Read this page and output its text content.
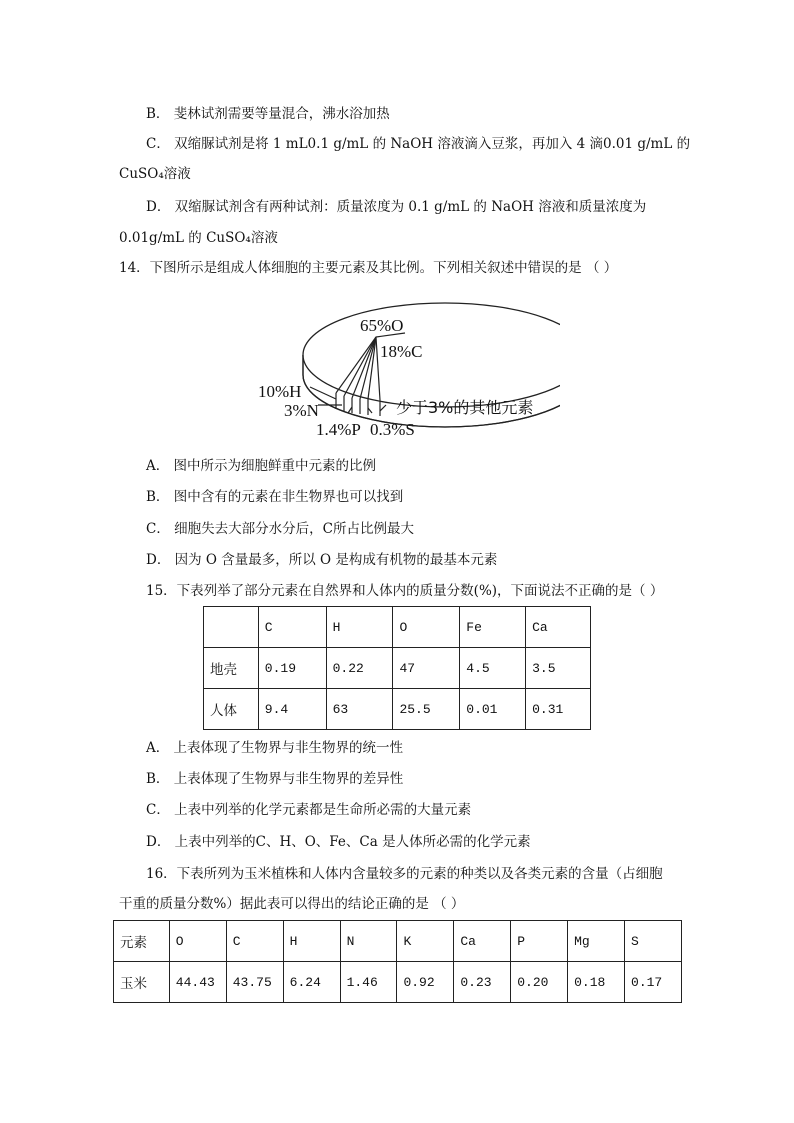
B． 斐林试剂需要等量混合，沸水浴加热
C． 双缩脲试剂是将 1 mL0.1 g/mL 的 NaOH 溶液滴入豆浆，再加入 4 滴0.01 g/mL 的
CuSO₄溶液
D． 双缩脲试剂含有两种试剂：质量浓度为 0.1 g/mL 的 NaOH 溶液和质量浓度为
0.01g/mL 的 CuSO₄溶液
14．下图所示是组成人体细胞的主要元素及其比例。下列相关叙述中错误的是 （ ）
65%O
18%C
10%H
3%N
1.4%P 0.3%S
少于3%的其他元素
A． 图中所示为细胞鲜重中元素的比例
B． 图中含有的元素在非生物界也可以找到
C． 细胞失去大部分水分后，C所占比例最大
D． 因为 O 含量最多，所以 O 是构成有机物的最基本元素
15．下表列举了部分元素在自然界和人体内的质量分数(%)，下面说法不正确的是（ ）
	C	H	O	Fe	Ca
地壳	0.19	0.22	47	4.5	3.5
人体	9.4	63	25.5	0.01	0.31
A． 上表体现了生物界与非生物界的统一性
B． 上表体现了生物界与非生物界的差异性
C． 上表中列举的化学元素都是生命所必需的大量元素
D． 上表中列举的C、H、O、Fe、Ca 是人体所必需的化学元素
16．下表所列为玉米植株和人体内含量较多的元素的种类以及各类元素的含量（占细胞
干重的质量分数%）据此表可以得出的结论正确的是 （ ）
元素	O	C	H	N	K	Ca	P	Mg	S
玉米	44.43	43.75	6.24	1.46	0.92	0.23	0.20	0.18	0.17
